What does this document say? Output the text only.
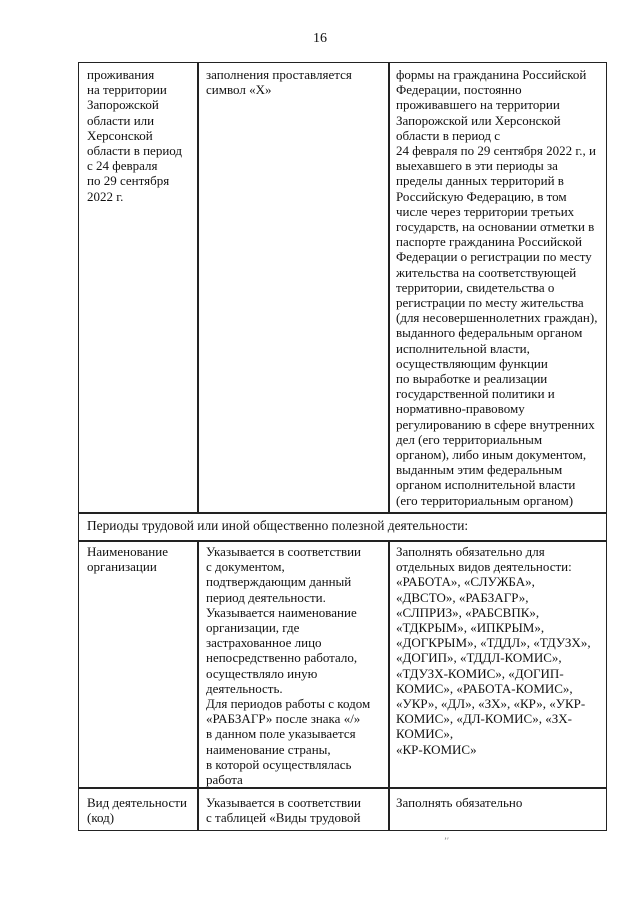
16
проживания
на территории
Запорожской
области или
Херсонской
области в период
с 24 февраля
по 29 сентября
2022 г.
заполнения проставляется
символ «Х»
формы на гражданина Российской
Федерации, постоянно
проживавшего на территории
Запорожской или Херсонской
области в период с
24 февраля по 29 сентября 2022 г., и
выехавшего в эти периоды за
пределы данных территорий в
Российскую Федерацию, в том
числе через территории третьих
государств, на основании отметки в
паспорте гражданина Российской
Федерации о регистрации по месту
жительства на соответствующей
территории, свидетельства о
регистрации по месту жительства
(для несовершеннолетних граждан),
выданного федеральным органом
исполнительной власти,
осуществляющим функции
по выработке и реализации
государственной политики и
нормативно-правовому
регулированию в сфере внутренних
дел (его территориальным
органом), либо иным документом,
выданным этим федеральным
органом исполнительной власти
(его территориальным органом)
Периоды трудовой или иной общественно полезной деятельности:
Наименование
организации
Указывается в соответствии
с документом,
подтверждающим данный
период деятельности.
Указывается наименование
организации, где
застрахованное лицо
непосредственно работало,
осуществляло иную
деятельность.
Для периодов работы с кодом
«РАБЗАГР» после знака «/»
в данном поле указывается
наименование страны,
в которой осуществлялась
работа
Заполнять обязательно для
отдельных видов деятельности:
«РАБОТА», «СЛУЖБА»,
«ДВСТО», «РАБЗАГР»,
«СЛПРИЗ», «РАБСВПК»,
«ТДКРЫМ», «ИПКРЫМ»,
«ДОГКРЫМ», «ТДДЛ», «ТДУЗХ»,
«ДОГИП», «ТДДЛ-КОМИС»,
«ТДУЗХ-КОМИС», «ДОГИП-
КОМИС», «РАБОТА-КОМИС»,
«УКР», «ДЛ», «ЗХ», «КР», «УКР-
КОМИС», «ДЛ-КОМИС», «ЗХ-
КОМИС»,
«КР-КОМИС»
Вид деятельности
(код)
Указывается в соответствии
с таблицей «Виды трудовой
Заполнять обязательно
ʼ′
